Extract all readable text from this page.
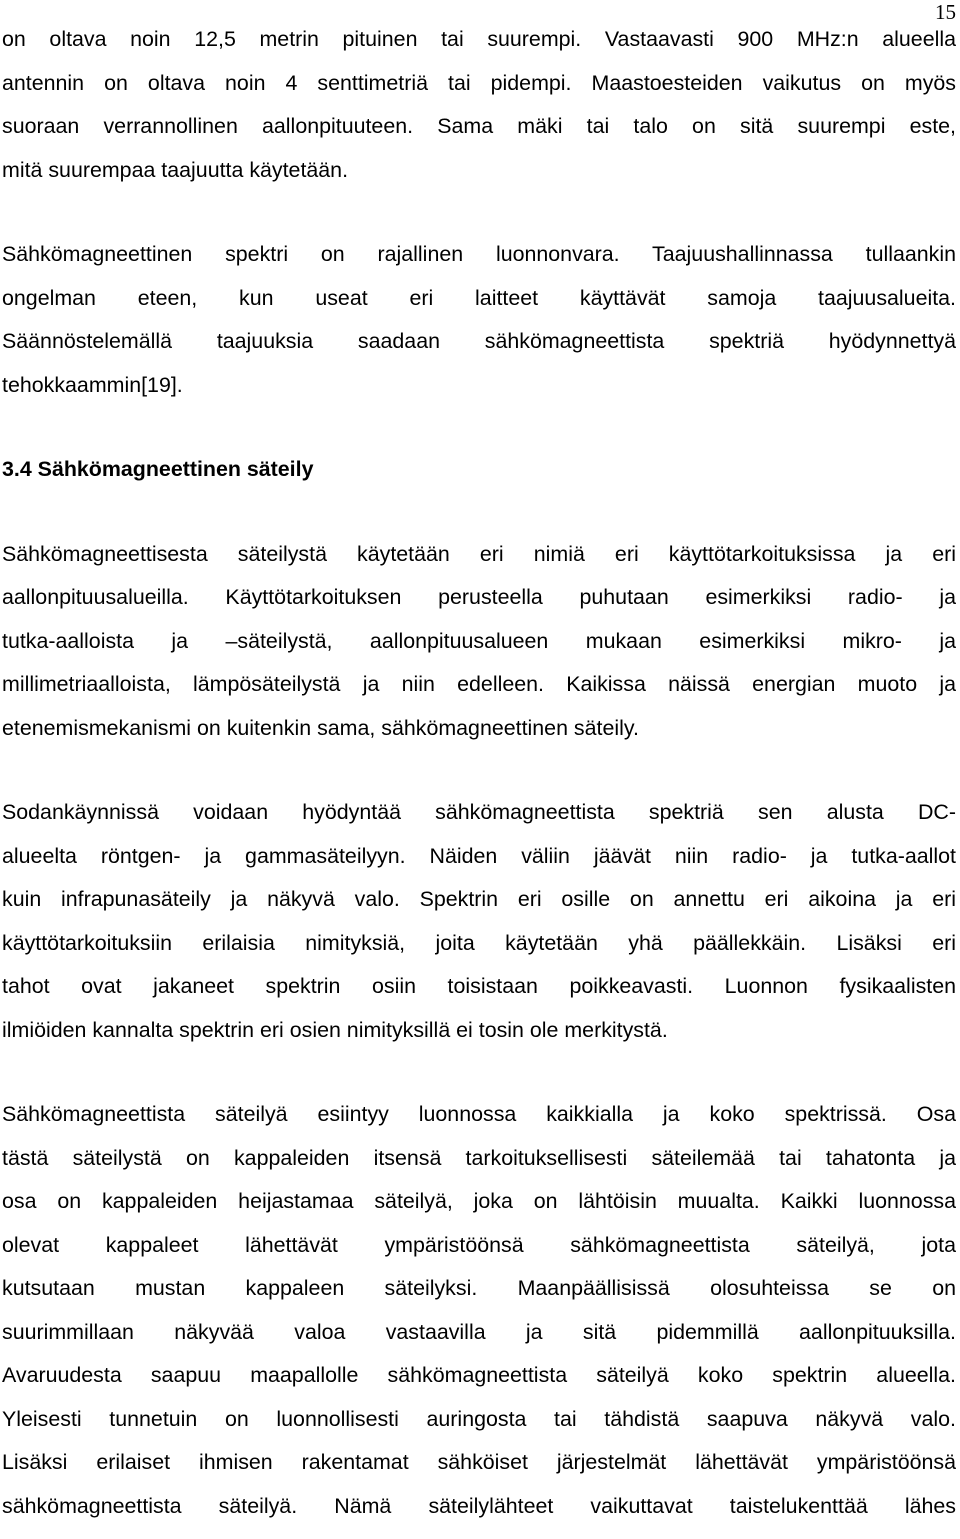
15
on oltava noin 12,5 metrin pituinen tai suurempi. Vastaavasti 900 MHz:n alueella
antennin on oltava noin 4 senttimetriä tai pidempi. Maastoesteiden vaikutus on myös
suoraan verrannollinen aallonpituuteen. Sama mäki tai talo on sitä suurempi este,
mitä suurempaa taajuutta käytetään.
Sähkömagneettinen spektri on rajallinen luonnonvara. Taajuushallinnassa tullaankin
ongelman eteen, kun useat eri laitteet käyttävät samoja taajuusalueita.
Säännöstelemällä taajuuksia saadaan sähkömagneettista spektriä hyödynnettyä
tehokkaammin[19].
3.4 Sähkömagneettinen säteily
Sähkömagneettisesta säteilystä käytetään eri nimiä eri käyttötarkoituksissa ja eri
aallonpituusalueilla. Käyttötarkoituksen perusteella puhutaan esimerkiksi radio- ja
tutka-aalloista ja –säteilystä, aallonpituusalueen mukaan esimerkiksi mikro- ja
millimetriaalloista, lämpösäteilystä ja niin edelleen. Kaikissa näissä energian muoto ja
etenemismekanismi on kuitenkin sama, sähkömagneettinen säteily.
Sodankäynnissä voidaan hyödyntää sähkömagneettista spektriä sen alusta DC-
alueelta röntgen- ja gammasäteilyyn. Näiden väliin jäävät niin radio- ja tutka-aallot
kuin infrapunasäteily ja näkyvä valo. Spektrin eri osille on annettu eri aikoina ja eri
käyttötarkoituksiin erilaisia nimityksiä, joita käytetään yhä päällekkäin. Lisäksi eri
tahot ovat jakaneet spektrin osiin toisistaan poikkeavasti. Luonnon fysikaalisten
ilmiöiden kannalta spektrin eri osien nimityksillä ei tosin ole merkitystä.
Sähkömagneettista säteilyä esiintyy luonnossa kaikkialla ja koko spektrissä. Osa
tästä säteilystä on kappaleiden itsensä tarkoituksellisesti säteilemää tai tahatonta ja
osa on kappaleiden heijastamaa säteilyä, joka on lähtöisin muualta. Kaikki luonnossa
olevat kappaleet lähettävät ympäristöönsä sähkömagneettista säteilyä, jota
kutsutaan mustan kappaleen säteilyksi. Maanpäällisissä olosuhteissa se on
suurimmillaan näkyvää valoa vastaavilla ja sitä pidemmillä aallonpituuksilla.
Avaruudesta saapuu maapallolle sähkömagneettista säteilyä koko spektrin alueella.
Yleisesti tunnetuin on luonnollisesti auringosta tai tähdistä saapuva näkyvä valo.
Lisäksi erilaiset ihmisen rakentamat sähköiset järjestelmät lähettävät ympäristöönsä
sähkömagneettista säteilyä. Nämä säteilylähteet vaikuttavat taistelukenttää lähes
